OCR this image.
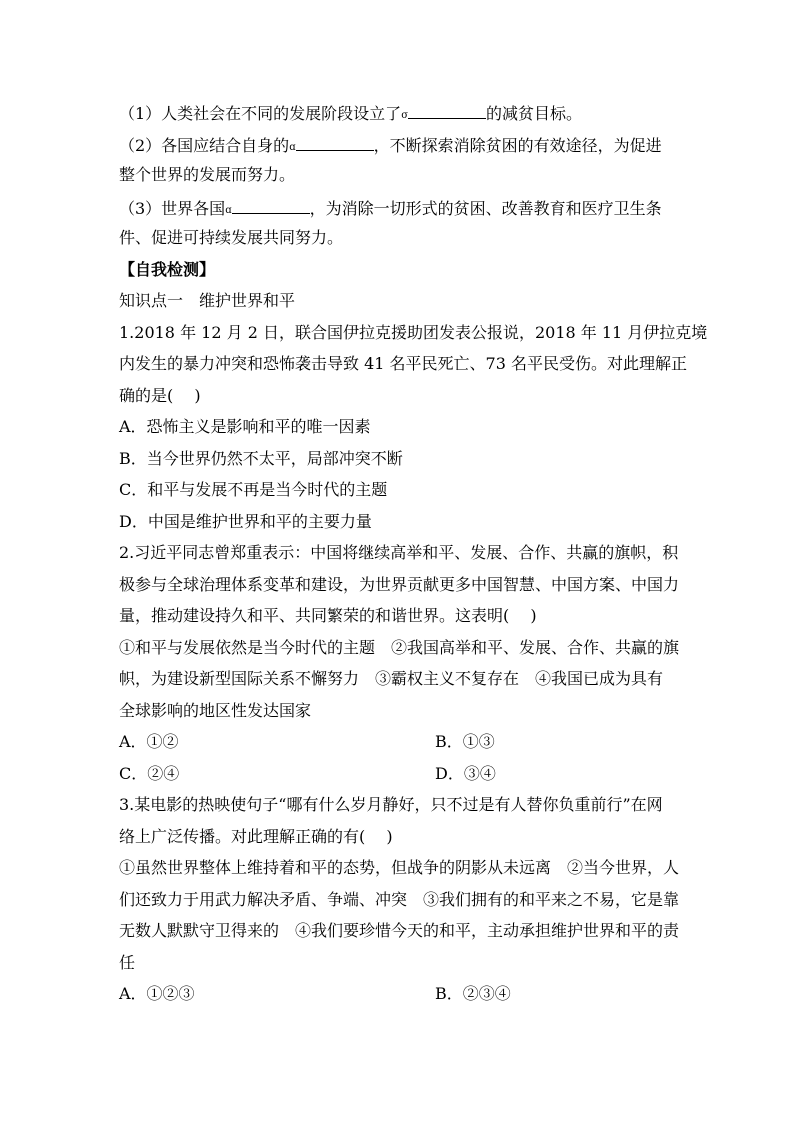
（1）人类社会在不同的发展阶段设立了σ	的减贫目标。
（2）各国应结合自身的ɑ	，不断探索消除贫困的有效途径，为促进
整个世界的发展而努力。
（3）世界各国ɑ	，为消除一切形式的贫困、改善教育和医疗卫生条
件、促进可持续发展共同努力。
【自我检测】
知识点一　维护世界和平
1.2018 年 12 月 2 日，联合国伊拉克援助团发表公报说，2018 年 11 月伊拉克境
内发生的暴力冲突和恐怖袭击导致 41 名平民死亡、73 名平民受伤。对此理解正
确的是(　 )
A．恐怖主义是影响和平的唯一因素
B．当今世界仍然不太平，局部冲突不断
C．和平与发展不再是当今时代的主题
D．中国是维护世界和平的主要力量
2.习近平同志曾郑重表示：中国将继续高举和平、发展、合作、共赢的旗帜，积
极参与全球治理体系变革和建设，为世界贡献更多中国智慧、中国方案、中国力
量，推动建设持久和平、共同繁荣的和谐世界。这表明(　 )
①和平与发展依然是当今时代的主题　②我国高举和平、发展、合作、共赢的旗
帜，为建设新型国际关系不懈努力　③霸权主义不复存在　④我国已成为具有
全球影响的地区性发达国家
A．①②	B．①③
C．②④	D．③④
3.某电影的热映使句子“哪有什么岁月静好，只不过是有人替你负重前行”在网
络上广泛传播。对此理解正确的有(　 )
①虽然世界整体上维持着和平的态势，但战争的阴影从未远离　②当今世界，人
们还致力于用武力解决矛盾、争端、冲突　③我们拥有的和平来之不易，它是靠
无数人默默守卫得来的　④我们要珍惜今天的和平，主动承担维护世界和平的责
任
A．①②③	B．②③④
